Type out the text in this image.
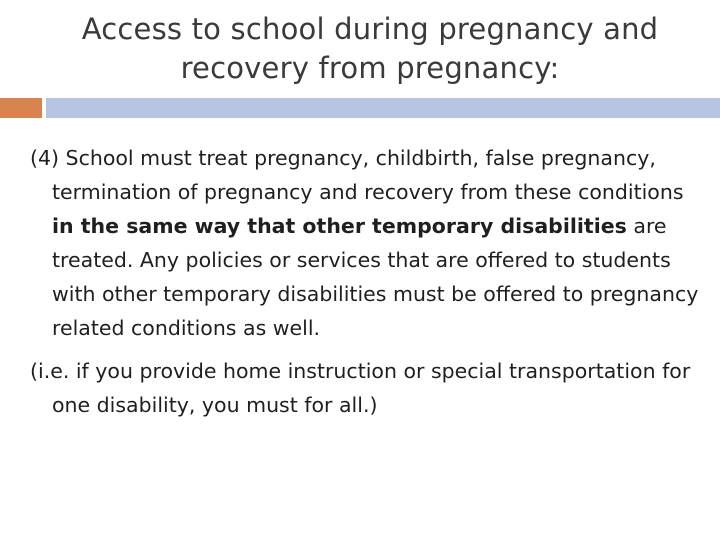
Access to school during pregnancy and
recovery from pregnancy:

(4) School must treat pregnancy, childbirth, false pregnancy, termination of pregnancy and recovery from these conditions in the same way that other temporary disabilities are treated. Any policies or services that are offered to students with other temporary disabilities must be offered to pregnancy related conditions as well.

(i.e. if you provide home instruction or special transportation for one disability, you must for all.)
